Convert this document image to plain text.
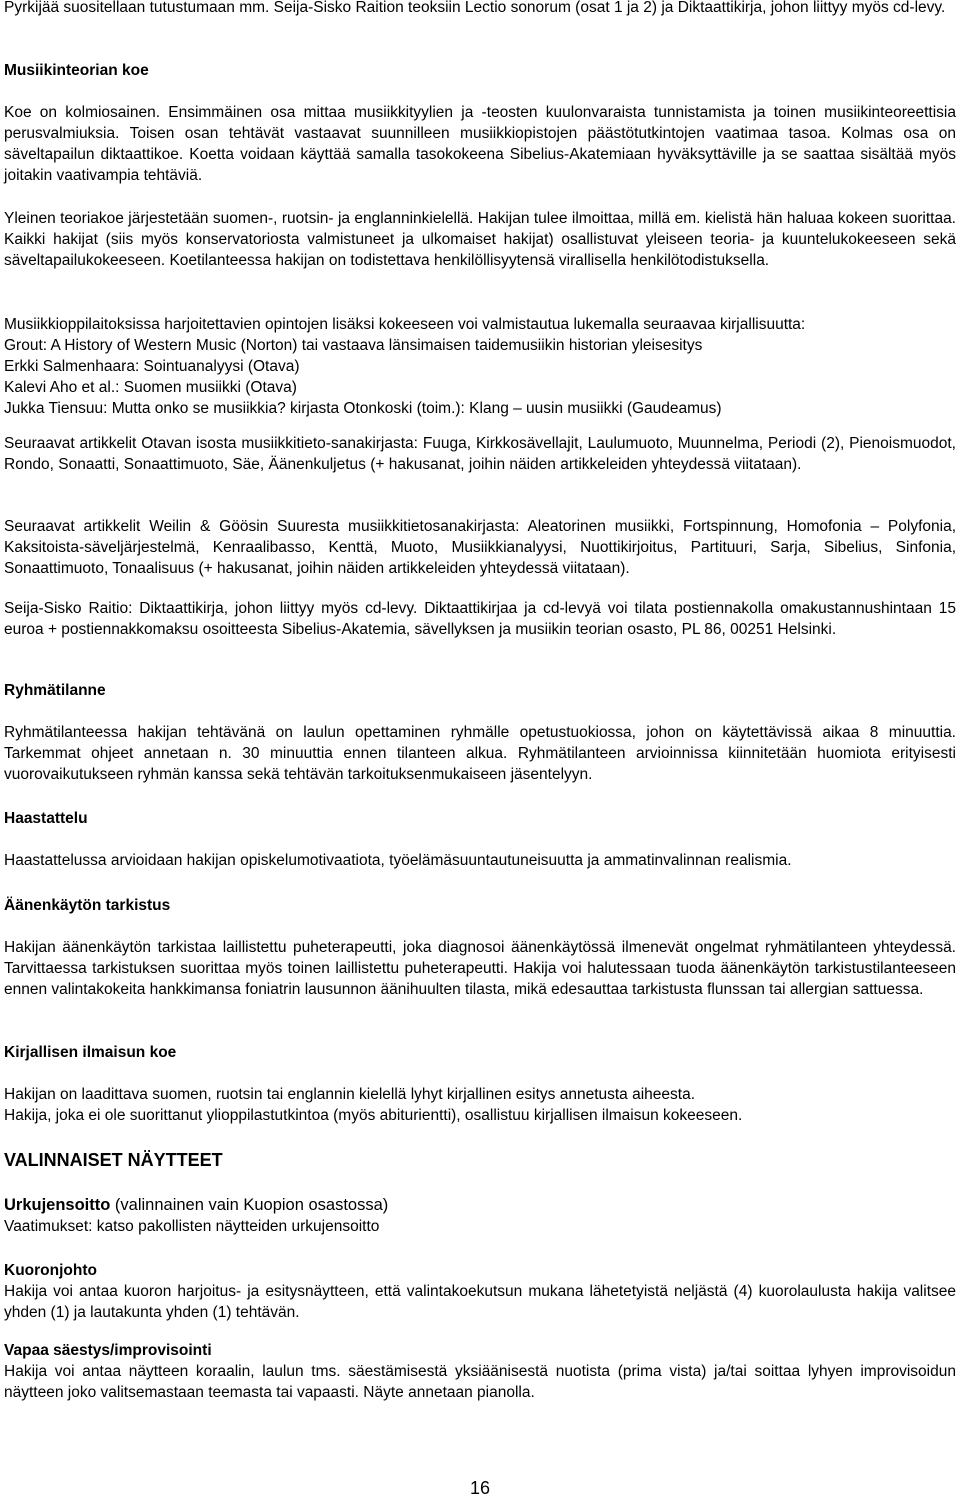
Pyrkijää suositellaan tutustumaan mm. Seija-Sisko Raition teoksiin Lectio sonorum (osat 1 ja 2) ja Diktaattikirja, johon liittyy myös cd-levy.

Musiikinteorian koe

Koe on kolmiosainen. Ensimmäinen osa mittaa musiikkityylien ja -teosten kuulonvaraista tunnistamista ja toinen musiikinteoreettisia perusvalmiuksia. Toisen osan tehtävät vastaavat suunnilleen musiikkiopistojen päästötutkintojen vaatimaa tasoa. Kolmas osa on säveltapailun diktaattikoe. Koetta voidaan käyttää samalla tasokokeena Sibelius-Akatemiaan hyväksyttäville ja se saattaa sisältää myös joitakin vaativampia tehtäviä.

Yleinen teoriakoe järjestetään suomen-, ruotsin- ja englanninkielellä. Hakijan tulee ilmoittaa, millä em. kielistä hän haluaa kokeen suorittaa. Kaikki hakijat (siis myös konservatoriosta valmistuneet ja ulkomaiset hakijat) osallistuvat yleiseen teoria- ja kuuntelukokeeseen sekä säveltapailukokeeseen. Koetilanteessa hakijan on todistettava henkilöllisyytensä virallisella henkilötodistuksella.

Musiikkioppilaitoksissa harjoitettavien opintojen lisäksi kokeeseen voi valmistautua lukemalla seuraavaa kirjallisuutta:

Grout: A History of Western Music (Norton) tai vastaava länsimaisen taidemusiikin historian yleisesitys
Erkki Salmenhaara: Sointuanalyysi (Otava)
Kalevi Aho et al.: Suomen musiikki (Otava)
Jukka Tiensuu: Mutta onko se musiikkia? kirjasta Otonkoski (toim.): Klang – uusin musiikki (Gaudeamus)

Seuraavat artikkelit Otavan isosta musiikkitieto-sanakirjasta: Fuuga, Kirkkosävellajit, Laulumuoto, Muunnelma, Periodi (2), Pienoismuodot, Rondo, Sonaatti, Sonaattimuoto, Säe, Äänenkuljetus (+ hakusanat, joihin näiden artikkeleiden yhteydessä viitataan).

Seuraavat artikkelit Weilin & Göösin Suuresta musiikkitietosanakirjasta: Aleatorinen musiikki, Fortspinnung, Homofonia – Polyfonia, Kaksitoista-säveljärjestelmä, Kenraalibasso, Kenttä, Muoto, Musiikkianalyysi, Nuottikirjoitus, Partituuri, Sarja, Sibelius, Sinfonia, Sonaattimuoto, Tonaalisuus (+ hakusanat, joihin näiden artikkeleiden yhteydessä viitataan).

Seija-Sisko Raitio: Diktaattikirja, johon liittyy myös cd-levy. Diktaattikirjaa ja cd-levyä voi tilata postiennakolla omakustannushintaan 15 euroa + postiennakkomaksu osoitteesta Sibelius-Akatemia, sävellyksen ja musiikin teorian osasto, PL 86, 00251 Helsinki.

Ryhmätilanne

Ryhmätilanteessa hakijan tehtävänä on laulun opettaminen ryhmälle opetustuokiossa, johon on käytettävissä aikaa 8 minuuttia. Tarkemmat ohjeet annetaan n. 30 minuuttia ennen tilanteen alkua. Ryhmätilanteen arvioinnissa kiinnitetään huomiota erityisesti vuorovaikutukseen ryhmän kanssa sekä tehtävän tarkoituksenmukaiseen jäsentelyyn.

Haastattelu

Haastattelussa arvioidaan hakijan opiskelumotivaatiota, työelämäsuuntautuneisuutta ja ammatinvalinnan realismia.

Äänenkäytön tarkistus

Hakijan äänenkäytön tarkistaa laillistettu puheterapeutti, joka diagnosoi äänenkäytössä ilmenevät ongelmat ryhmätilanteen yhteydessä. Tarvittaessa tarkistuksen suorittaa myös toinen laillistettu puheterapeutti. Hakija voi halutessaan tuoda äänenkäytön tarkistustilanteeseen ennen valintakokeita hankkimansa foniatrin lausunnon äänihuulten tilasta, mikä edesauttaa tarkistusta flunssan tai allergian sattuessa.

Kirjallisen ilmaisun koe
Hakijan on laadittava suomen, ruotsin tai englannin kielellä lyhyt kirjallinen esitys annetusta aiheesta.
Hakija, joka ei ole suorittanut ylioppilastutkintoa (myös abiturientti), osallistuu kirjallisen ilmaisun kokeeseen.
VALINNAISET NÄYTTEET
Urkujensoitto (valinnainen vain Kuopion osastossa)
Vaatimukset: katso pakollisten näytteiden urkujensoitto
Kuoronjohto

Hakija voi antaa kuoron harjoitus- ja esitysnäytteen, että valintakoekutsun mukana lähetetyistä neljästä (4) kuorolaulusta hakija valitsee yhden (1) ja lautakunta yhden (1) tehtävän.

Vapaa säestys/improvisointi

Hakija voi antaa näytteen koraalin, laulun tms. säestämisestä yksiäänisestä nuotista (prima vista) ja/tai soittaa lyhyen improvisoidun näytteen joko valitsemastaan teemasta tai vapaasti. Näyte annetaan pianolla.

16
